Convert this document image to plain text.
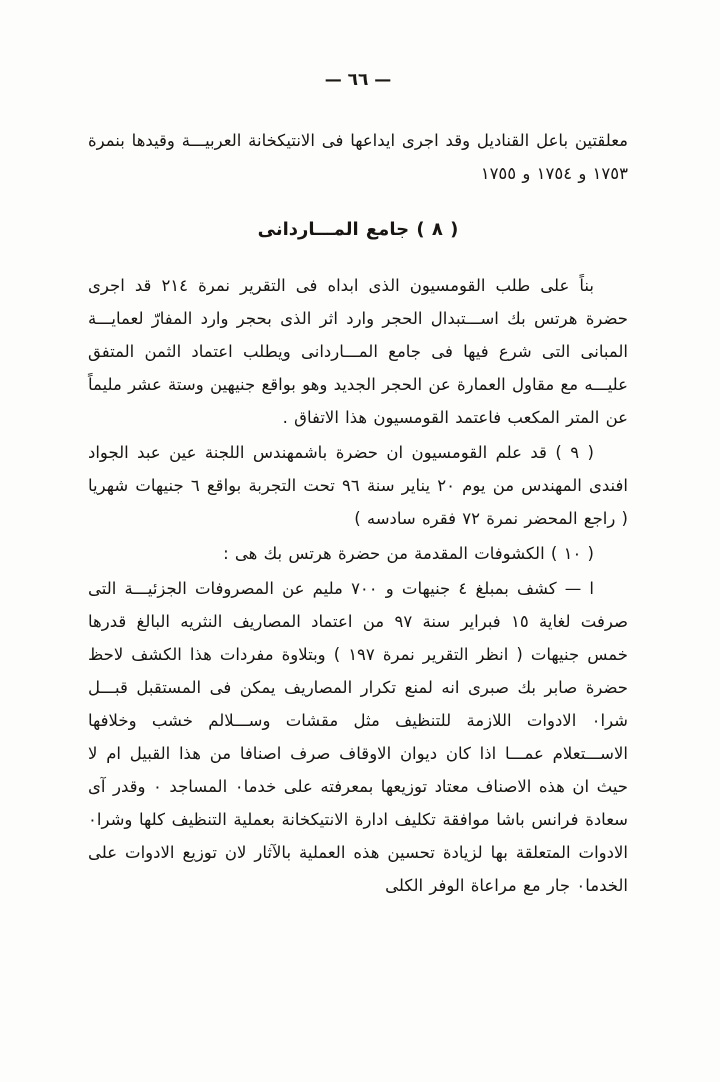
— ٦٦ —

معلقتين باعل القناديل وقد اجرى ايداعها فى الانتيكخانة العربيـــة وقيدها بنمرة ١٧٥٣ و ١٧٥٤ و ١٧٥٥

( ٨ ) جامع المـــاردانى

بناً على طلب القومسيون الذى ابداه فى التقرير نمرة ٢١٤ قد اجرى حضرة هرتس بك اســـتبدال الحجر وارد اثر الذى بحجر وارد المفارّ لعمايـــة المبانى التى شرع فيها فى جامع المـــاردانى ويطلب اعتماد الثمن المتفق عليـــه مع مقاول العمارة عن الحجر الجديد وهو بواقع جنيهين وستة عشر مليماً عن المتر المكعب فاعتمد القومسيون هذا الاتفاق .

( ٩ ) قد علم القومسيون ان حضرة باشمهندس اللجنة عين عبد الجواد افندى المهندس من يوم ٢٠ يناير سنة ٩٦ تحت التجربة بواقع ٦ جنيهات شهريا ( راجع المحضر نمرة ٧٢ فقره سادسه )

( ١٠ ) الكشوفات المقدمة من حضرة هرتس بك هى :

ا — كشف بمبلغ ٤ جنيهات و ٧٠٠ مليم عن المصروفات الجزئيـــة التى صرفت لغاية ١٥ فبراير سنة ٩٧ من اعتماد المصاريف النثريه البالغ قدرها خمس جنيهات ( انظر التقرير نمرة ١٩٧ ) وبتلاوة مفردات هذا الكشف لاحظ حضرة صابر بك صبرى انه لمنع تكرار المصاريف يمكن فى المستقبل قبـــل شرا٠ الادوات اللازمة للتنظيف مثل مقشات وســـلالم خشب وخلافها الاســـتعلام عمـــا اذا كان ديوان الاوقاف صرف اصنافا من هذا القبيل ام لا حيث ان هذه الاصناف معتاد توزيعها بمعرفته على خدما٠ المساجد ٠ وقدر آى سعادة فرانس باشا موافقة تكليف ادارة الانتيكخانة بعملية التنظيف كلها وشرا٠ الادوات المتعلقة بها لزيادة تحسين هذه العملية بالآثار لان توزيع الادوات على الخدما٠ جار مع مراعاة الوفر الكلى
